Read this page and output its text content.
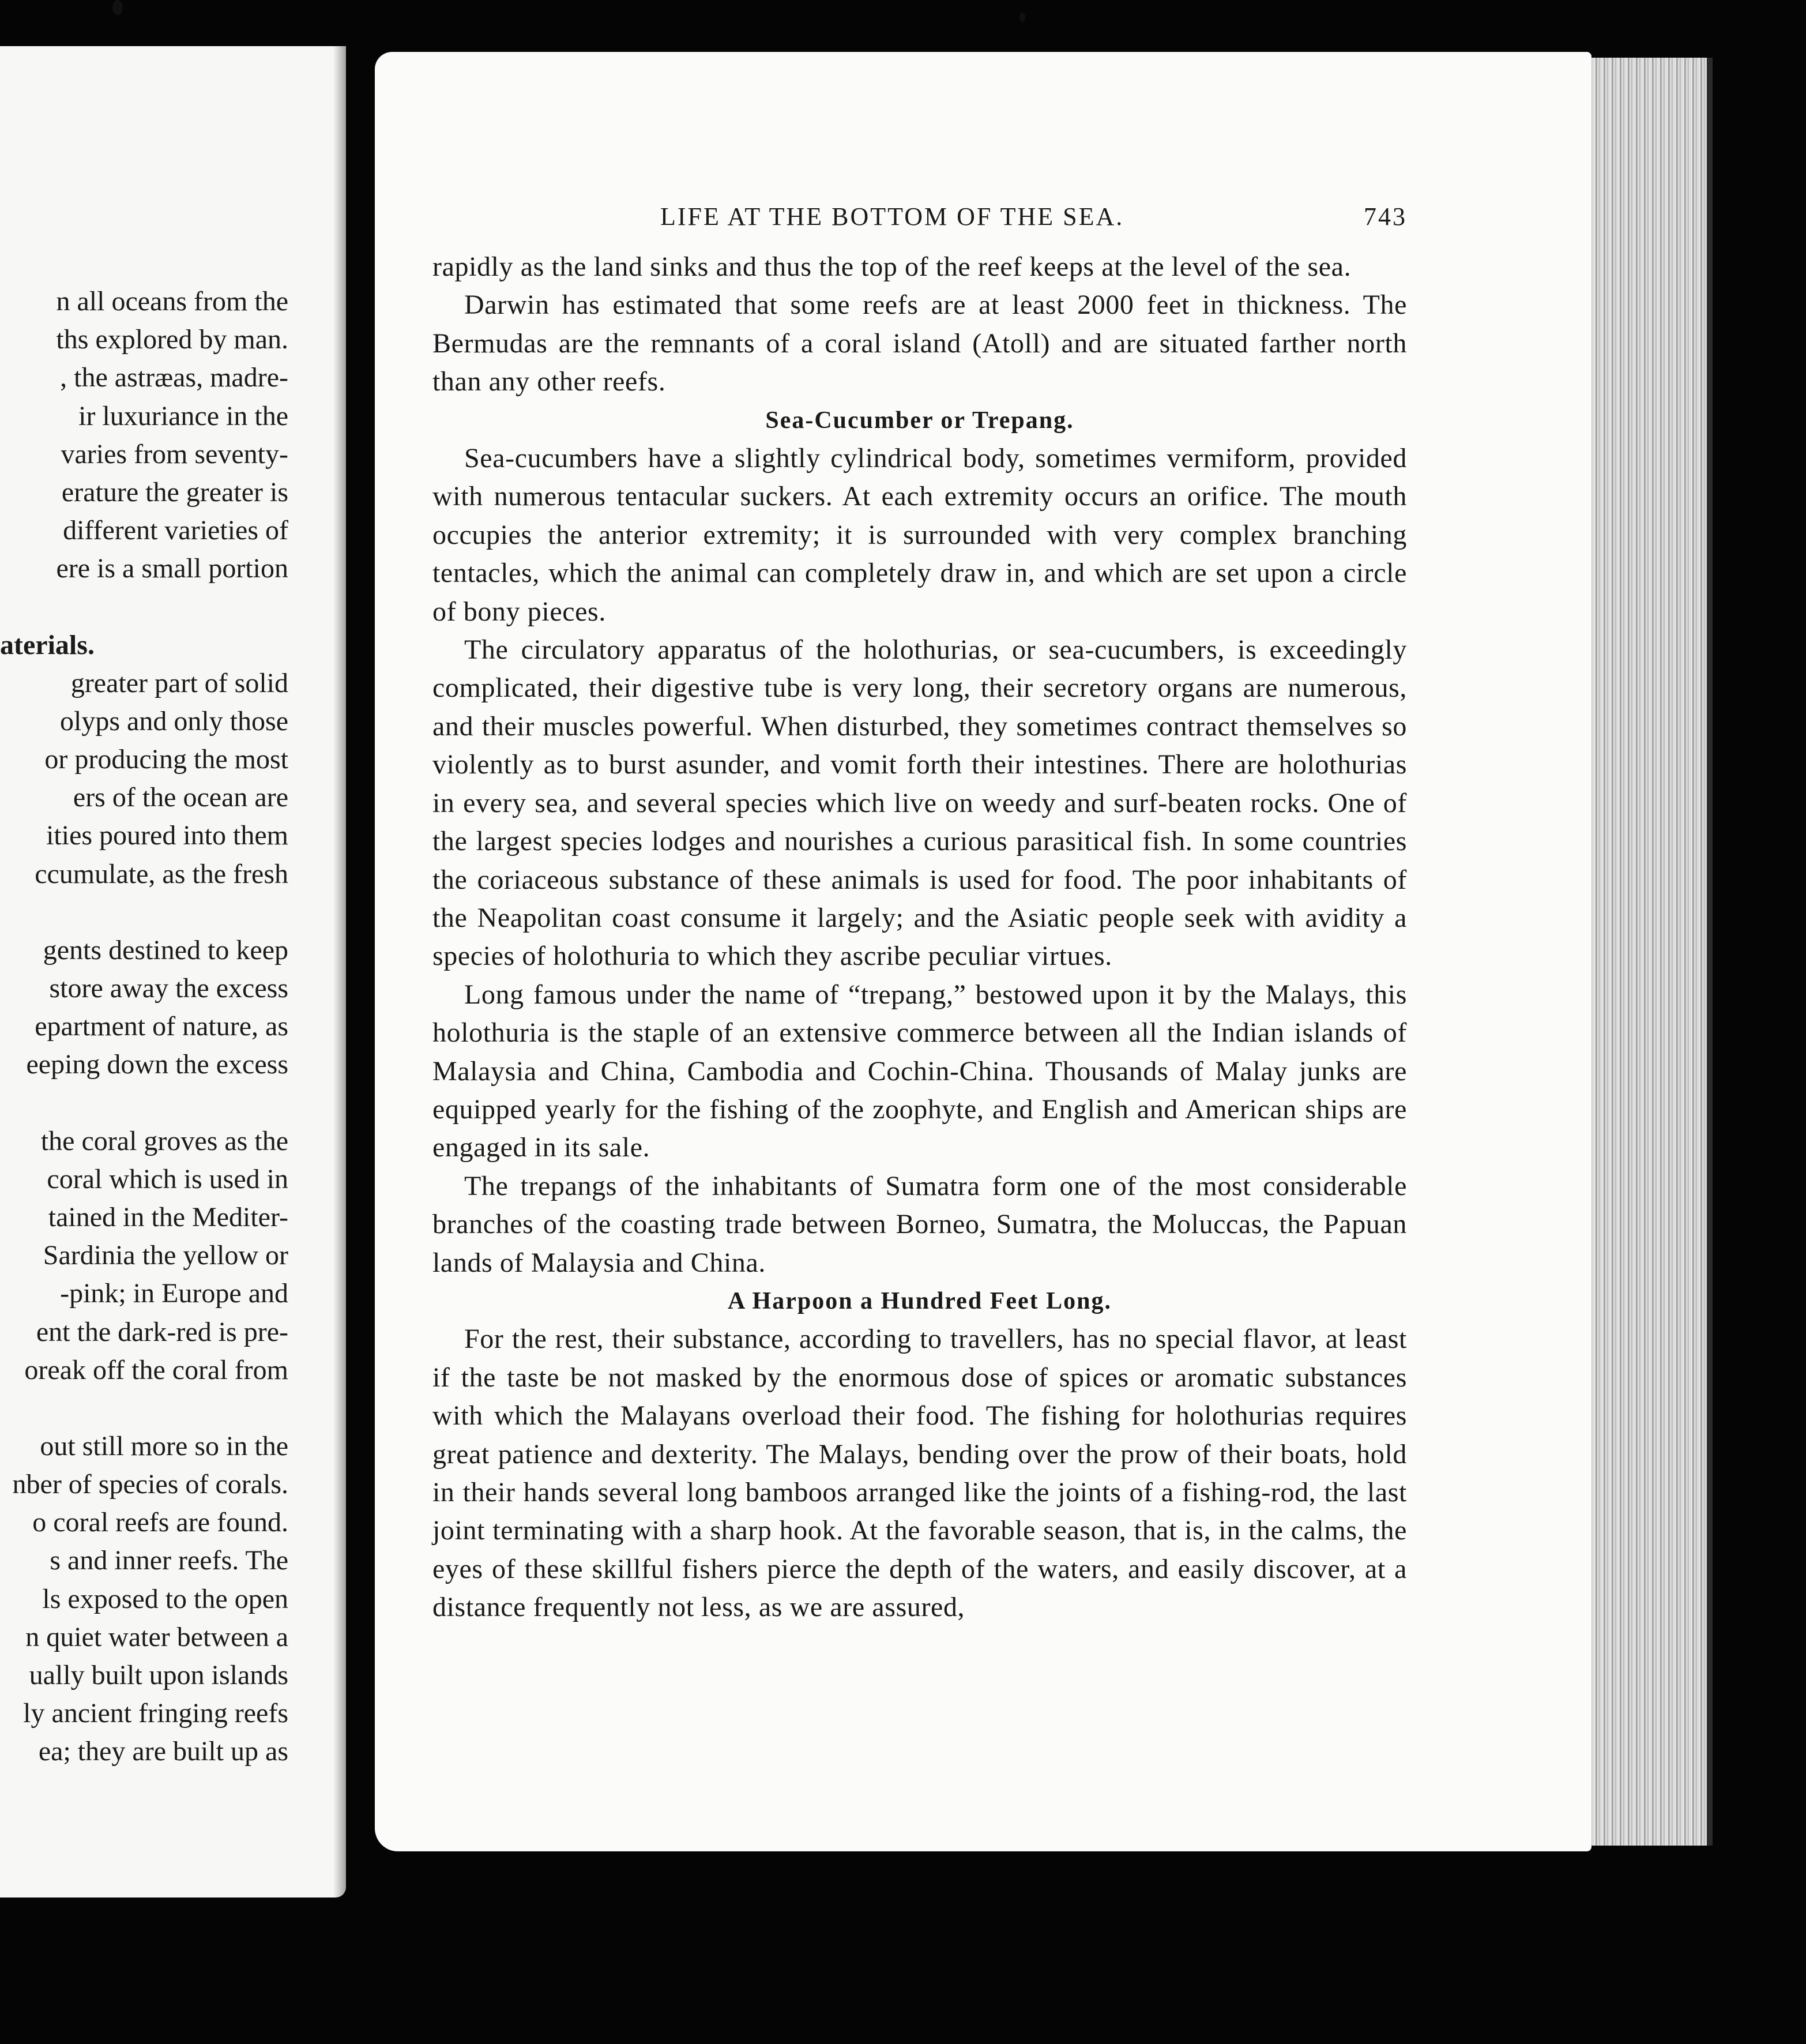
n all oceans from the
ths explored by man.
, the astræas, madre-
ir luxuriance in the
varies from seventy-
erature the greater is
different varieties of
ere is a small portion
aterials.
greater part of solid
olyps and only those
or producing the most
ers of the ocean are
ities poured into them
ccumulate, as the fresh
gents destined to keep
store away the excess
epartment of nature, as
eeping down the excess
the coral groves as the
coral which is used in
tained in the Mediter-
Sardinia the yellow or
-pink; in Europe and
ent the dark-red is pre-
oreak off the coral from
out still more so in the
nber of species of corals.
o coral reefs are found.
s and inner reefs. The
ls exposed to the open
n quiet water between a
ually built upon islands
ly ancient fringing reefs
ea; they are built up as
LIFE AT THE BOTTOM OF THE SEA.	743

rapidly as the land sinks and thus the top of the reef keeps at the level of the sea.

Darwin has estimated that some reefs are at least 2000 feet in thickness. The Bermudas are the remnants of a coral island (Atoll) and are situated farther north than any other reefs.

Sea-Cucumber or Trepang.

Sea-cucumbers have a slightly cylindrical body, sometimes vermiform, provided with numerous tentacular suckers. At each extremity occurs an orifice. The mouth occupies the anterior extremity; it is surrounded with very complex branching tentacles, which the animal can completely draw in, and which are set upon a circle of bony pieces.

The circulatory apparatus of the holothurias, or sea-cucumbers, is exceedingly complicated, their digestive tube is very long, their secretory organs are numerous, and their muscles powerful. When disturbed, they sometimes contract themselves so violently as to burst asunder, and vomit forth their intestines. There are holothurias in every sea, and several species which live on weedy and surf-beaten rocks. One of the largest species lodges and nourishes a curious parasitical fish. In some countries the coriaceous substance of these animals is used for food. The poor inhabitants of the Neapolitan coast consume it largely; and the Asiatic people seek with avidity a species of holothuria to which they ascribe peculiar virtues.

Long famous under the name of “trepang,” bestowed upon it by the Malays, this holothuria is the staple of an extensive commerce between all the Indian islands of Malaysia and China, Cambodia and Cochin-China. Thousands of Malay junks are equipped yearly for the fishing of the zoophyte, and English and American ships are engaged in its sale.

The trepangs of the inhabitants of Sumatra form one of the most considerable branches of the coasting trade between Borneo, Sumatra, the Moluccas, the Papuan lands of Malaysia and China.

A Harpoon a Hundred Feet Long.

For the rest, their substance, according to travellers, has no special flavor, at least if the taste be not masked by the enormous dose of spices or aromatic substances with which the Malayans overload their food. The fishing for holothurias requires great patience and dexterity. The Malays, bending over the prow of their boats, hold in their hands several long bamboos arranged like the joints of a fishing-rod, the last joint terminating with a sharp hook. At the favorable season, that is, in the calms, the eyes of these skillful fishers pierce the depth of the waters, and easily discover, at a distance frequently not less, as we are assured,
